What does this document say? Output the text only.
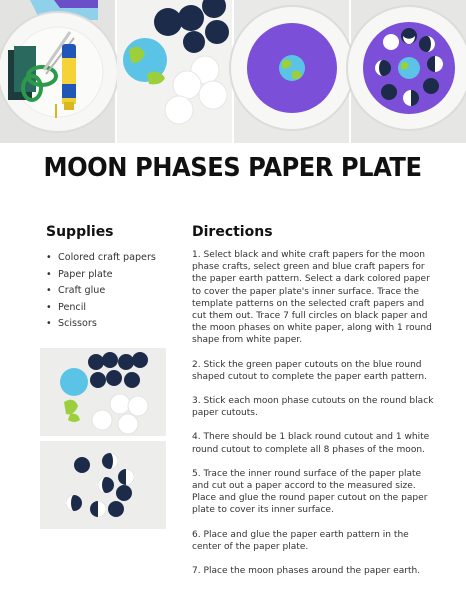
MOON PHASES PAPER PLATE
Supplies
• Colored craft papers
• Paper plate
• Craft glue
• Pencil
• Scissors
Directions

1. Select black and white craft papers for the moon phase crafts, select green and blue craft papers for the paper earth pattern. Select a dark colored paper to cover the paper plate's inner surface. Trace the template patterns on the selected craft papers and cut them out. Trace 7 full circles on black paper and the moon phases on white paper, along with 1 round shape from white paper.

2. Stick the green paper cutouts on the blue round shaped cutout to complete the paper earth pattern.

3. Stick each moon phase cutouts on the round black paper cutouts.

4. There should be 1 black round cutout and 1 white round cutout to complete all 8 phases of the moon.

5. Trace the inner round surface of the paper plate and cut out a paper accord to the measured size. Place and glue the round paper cutout on the paper plate to cover its inner surface.

6. Place and glue the paper earth pattern in the center of the paper plate.

7. Place the moon phases around the paper earth.
